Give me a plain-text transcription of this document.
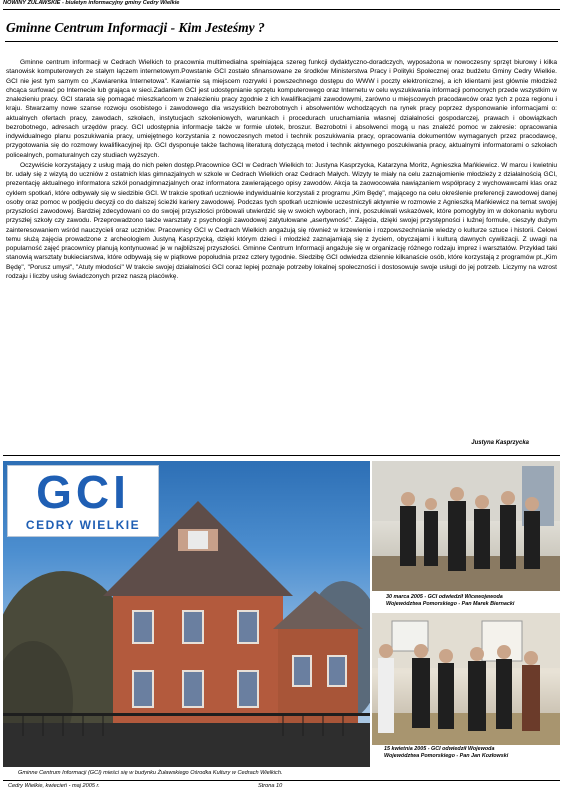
NOWINY ŻULAWSKIE - biuletyn informacyjny gminy Cedry Wielkie
Gminne Centrum Informacji - Kim Jesteśmy ?

Gminne centrum informacji w Cedrach Wielkich to pracownia multimedialna spełniająca szereg funkcji dydaktyczno-doradczych, wyposażona w nowoczesny sprzęt biurowy i kilka stanowisk komputerowych ze stałym łączem internetowym.Powstanie GCI zostało sfinansowane ze środków Ministerstwa Pracy i Polityki Społecznej oraz budżetu Gminy Cedry Wielkie. GCI nie jest tym samym co „Kawiarenka Internetowa". Kawiarnie są miejscem rozrywki i powszechnego dostępu do WWW i poczty elektronicznej, a ich klientami jest głównie młodzież chcąca surfować po Internecie lub grająca w sieci.Zadaniem GCI jest udostępnianie sprzętu komputerowego oraz Internetu w celu wyszukiwania informacji pomocnych przede wszystkim w znalezieniu pracy. GCI starata się pomagać mieszkańcom w znalezieniu pracy zgodnie z ich kwalifikacjami zawodowymi, zarówno u miejscowych pracodawców oraz tych z poza regionu i kraju. Stwarzamy nowe szanse rozwoju osobistego i zawodowego dla wszystkich bezrobotnych i absolwentów wchodzących na rynek pracy poprzez dysponowanie informacjami o: aktualnych ofertach pracy, zawodach, szkołach, instytucjach szkoleniowych, warunkach i procedurach uruchamiania własnej działalności gospodarczej, prawach i obowiązkach bezrobotnego, adresach urzędów pracy. GCI udostępnia informacje także w formie ulotek, broszur. Bezrobotni i absolwenci mogą u nas znaleźć pomoc w zakresie: opracowania indywidualnego planu poszukiwania pracy, umiejętnego korzystania z nowoczesnych metod i technik poszukiwania pracy, opracowania dokumentów wymaganych przez pracodawcę, przygotowania się do rozmowy kwalifikacyjnej itp. GCI dysponuje także fachową literaturą dotyczącą metod i technik aktywnego poszukiwania pracy, aktualnymi informatorami o szkołach policealnych, pomaturalnych czy studiach wyższych.

Oczywiście korzystający z usług mają do nich pełen dostęp.Pracownice GCI w Cedrach Wielkich to: Justyna Kasprzycka, Katarzyna Moritz, Agnieszka Mańkiewicz. W marcu i kwietniu br. udały się z wizytą do uczniów z ostatnich klas gimnazjalnych w szkole w Cedrach Wielkich oraz Cedrach Małych. Wizyty te miały na celu zaznajomienie młodzieży z działalnością GCI, prezentację aktualnego informatora szkół ponadgimnazjalnych oraz informatora zawierającego opisy zawodów. Akcja ta zaowocowała nawiązaniem współpracy z wychowawcami klas oraz cyklem spotkań, które odbywały się w siedzibie GCI. W trakcie spotkań uczniowie indywidualnie korzystali z programu „Kim Będę", mającego na celu określenie preferencji zawodowej danej osoby oraz pomoc w podjęciu decyzji co do dalszej ścieżki kariery zawodowej. Podczas tych spotkań uczniowie uczestniczyli aktywnie w rozmowie z Agnieszką Mańkiewicz na temat swojej przyszłości zawodowej. Bardziej zdecydowani co do swojej przyszłości próbowali utwierdzić się w swoich wyborach, inni, poszukiwali wskazówek, które pomogłyby im w dokonaniu wyboru przyszłej szkoły czy zawodu. Przeprowadzono także warsztaty z psychologii zawodowej zatytułowane „asertywność". Zajęcia, dzięki swojej przystępności i luźnej formule, cieszyły dużym zainteresowaniem wśród nauczycieli oraz uczniów. Pracownicy GCI w Cedrach Wielkich angażują się również w krzewienie i rozpowszechnianie wiedzy o kulturze sztuce i historii. Celowi temu służą zajęcia prowadzone z archeologiem Justyną Kasprzycką, dzięki którym dzieci i młodzież zaznajamiają się z życiem, obyczajami i kulturą dawnych cywilizacji. Z uwagi na popularność zajęć pracownicy planują kontynuować je w najbliższej przyszłości. Gminne Centrum Informacji angażuje się w organizację różnego rodzaju imprez i warsztatów. Przykład taki stanowią warsztaty bukieciarstwa, które odbywają się w piątkowe popołudnia przez cztery tygodnie. Siedzibę GCI odwiedza dziennie kilkanaście osób, które korzystają z programów pt.„Kim Będę", "Porusz umysł", "Atuty młodości" W trakcie swojej działalności GCI coraz lepiej poznaje potrzeby lokalnej społeczności i dostosowuje swoje usługi do jej potrzeb. Liczymy na wzrost rodzaju i liczby usług świadczonych przez naszą placówkę.

Justyna Kasprzycka
GCI
CEDRY WIELKIE
Gminne Centrum Informacji (GCI) mieści się w budynku Żuławskiego Ośrodka Kultury w Cedrach Wielkich.
30 marca 2005 - GCI odwiedził Wicewojewoda
Województwa Pomorskiego - Pan Marek Biernacki
15 kwietnia 2005 - GCI odwiedził Wojewoda
Województwa Pomorskiego - Pan Jan Kozłowski
Cedry Wielkie, kwiecień - maj 2005 r.	Strona 10
